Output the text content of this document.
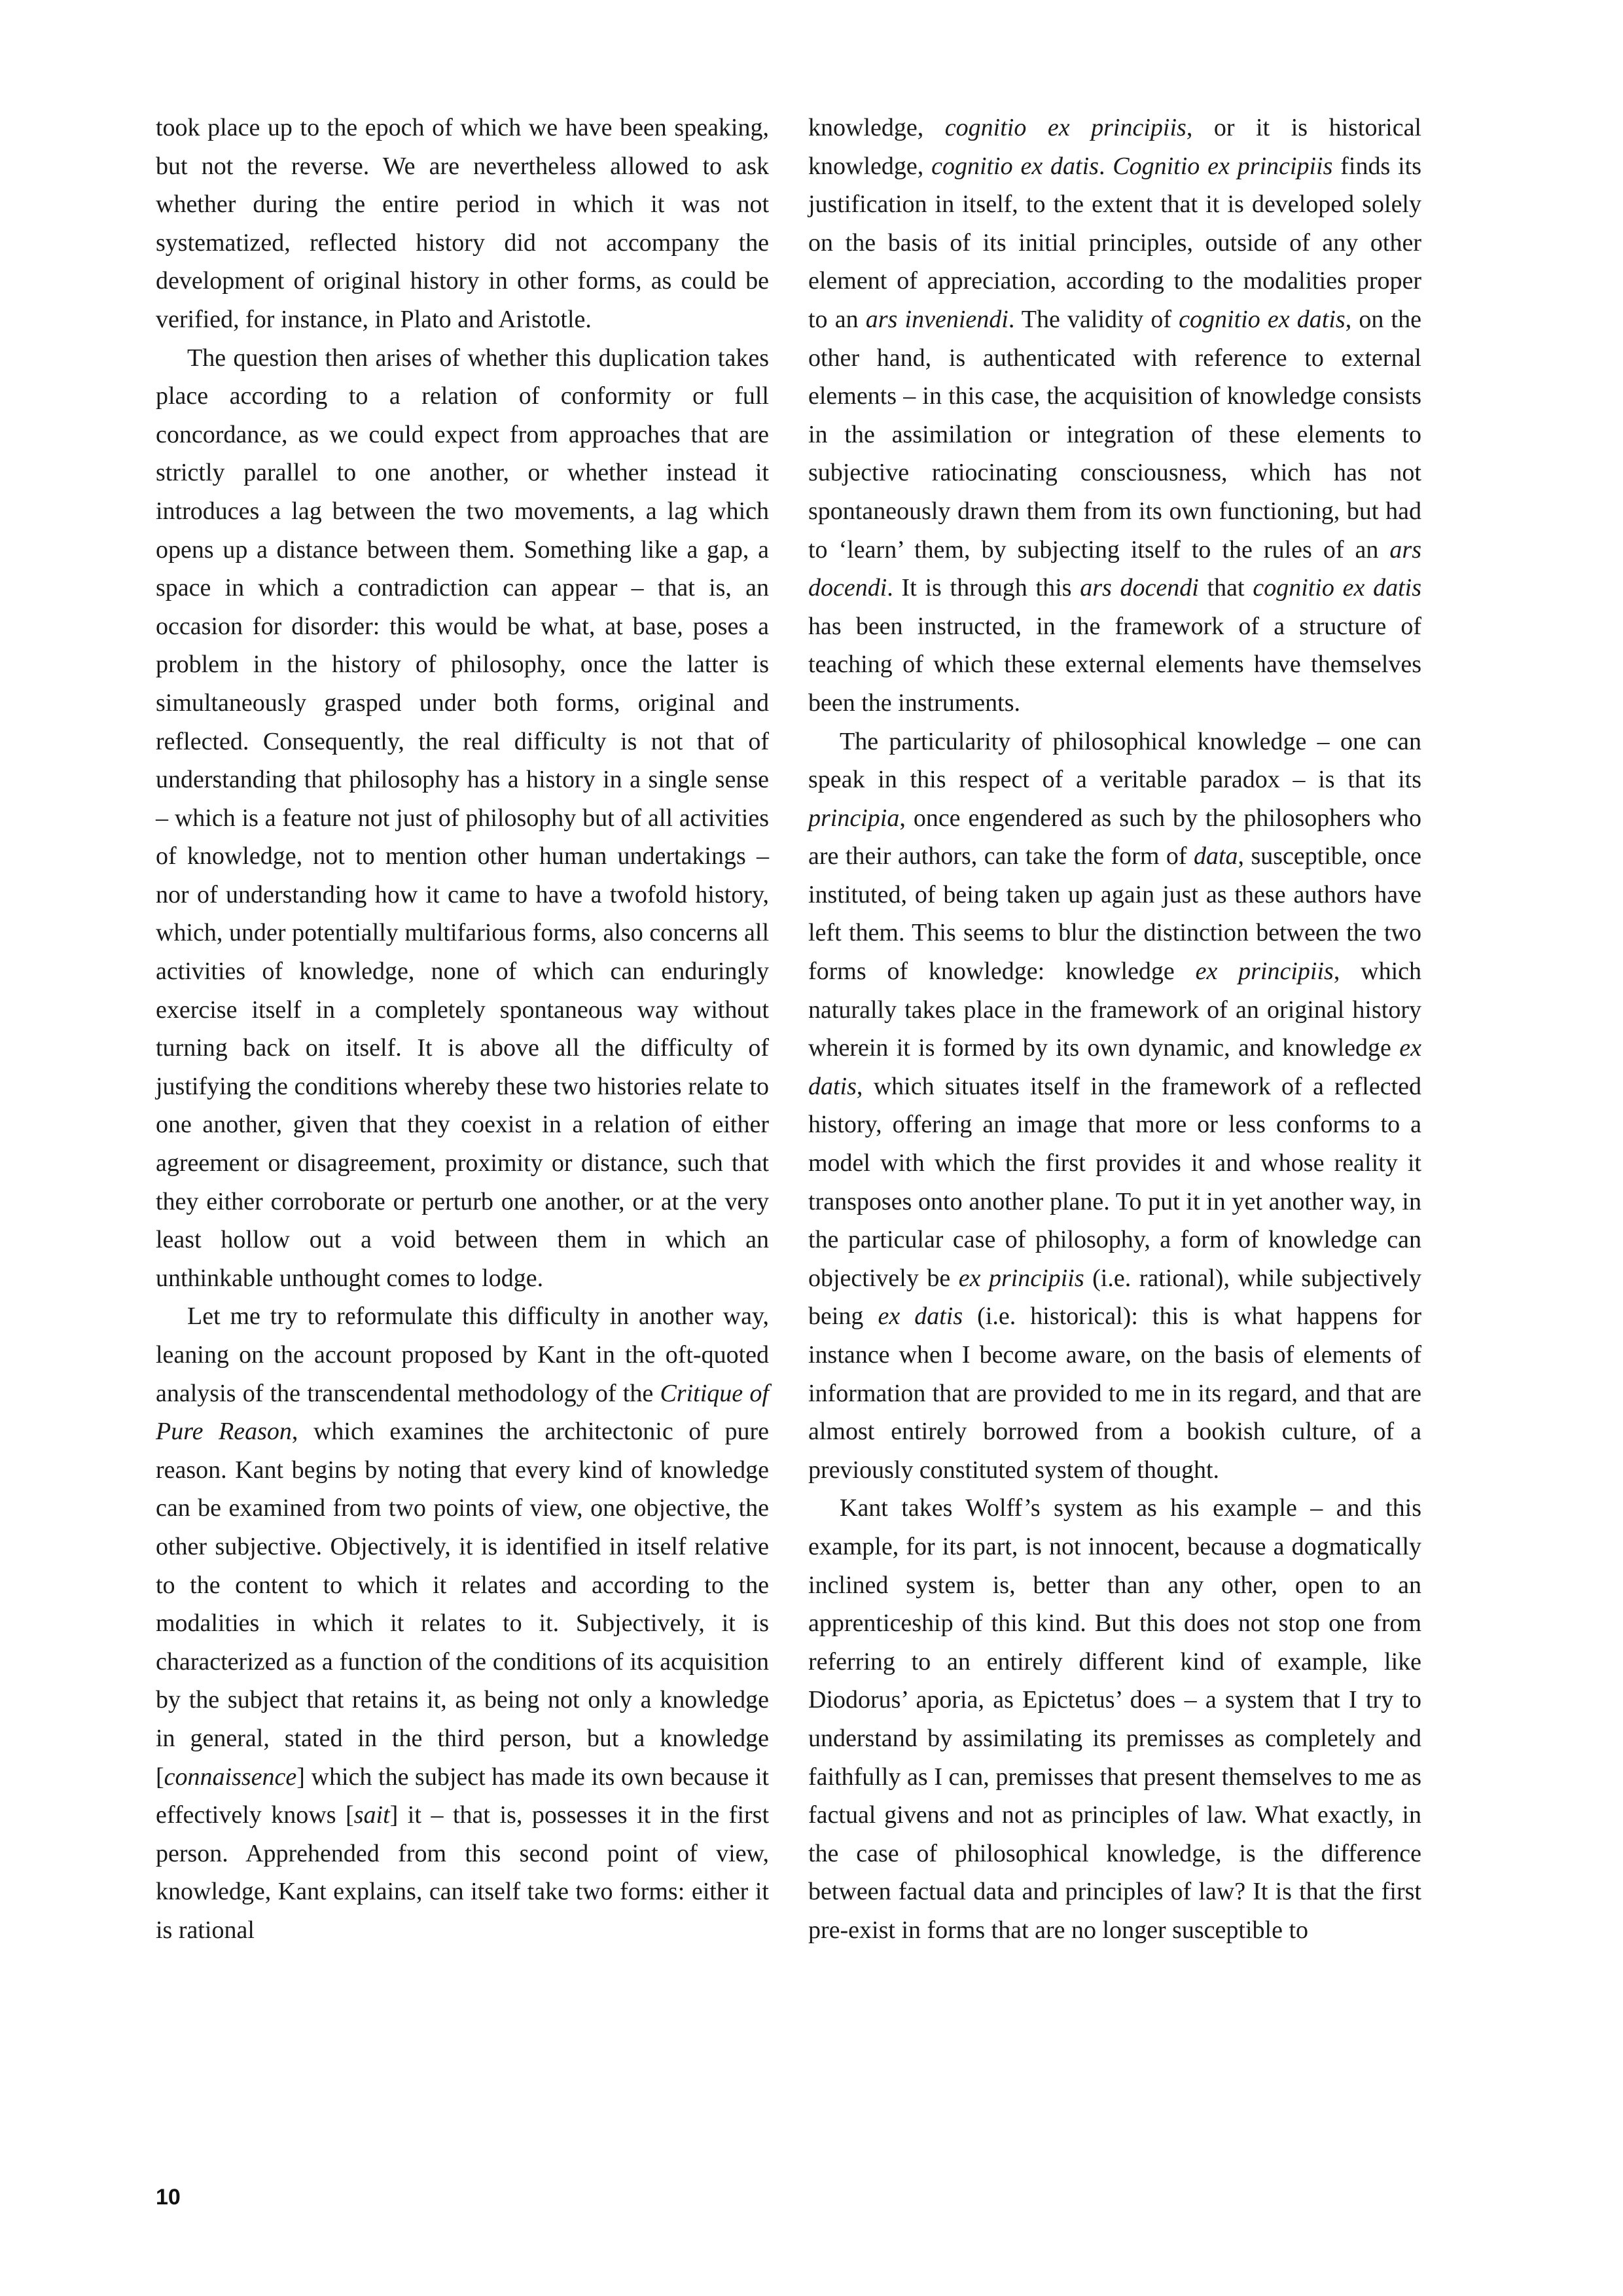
took place up to the epoch of which we have been speaking, but not the reverse. We are nevertheless allowed to ask whether during the entire period in which it was not systematized, reflected history did not accompany the development of original history in other forms, as could be verified, for instance, in Plato and Aristotle.

The question then arises of whether this duplication takes place according to a relation of conformity or full concordance, as we could expect from approaches that are strictly parallel to one another, or whether instead it introduces a lag between the two movements, a lag which opens up a distance between them. Something like a gap, a space in which a contradiction can appear – that is, an occasion for disorder: this would be what, at base, poses a problem in the history of philosophy, once the latter is simultaneously grasped under both forms, original and reflected. Consequently, the real difficulty is not that of understanding that philosophy has a history in a single sense – which is a feature not just of philosophy but of all activities of knowledge, not to mention other human undertakings – nor of understanding how it came to have a twofold history, which, under potentially multifarious forms, also concerns all activities of knowledge, none of which can enduringly exercise itself in a completely spontaneous way without turning back on itself. It is above all the difficulty of justifying the conditions whereby these two histories relate to one another, given that they coexist in a relation of either agreement or disagreement, proximity or distance, such that they either corroborate or perturb one another, or at the very least hollow out a void between them in which an unthinkable unthought comes to lodge.

Let me try to reformulate this difficulty in another way, leaning on the account proposed by Kant in the oft-quoted analysis of the transcendental methodology of the Critique of Pure Reason, which examines the architectonic of pure reason. Kant begins by noting that every kind of knowledge can be examined from two points of view, one objective, the other subjective. Objectively, it is identified in itself relative to the content to which it relates and according to the modalities in which it relates to it. Subjectively, it is characterized as a function of the conditions of its acquisition by the subject that retains it, as being not only a knowledge in general, stated in the third person, but a knowledge [connaissence] which the subject has made its own because it effectively knows [sait] it – that is, possesses it in the first person. Apprehended from this second point of view, knowledge, Kant explains, can itself take two forms: either it is rational

knowledge, cognitio ex principiis, or it is historical knowledge, cognitio ex datis. Cognitio ex principiis finds its justification in itself, to the extent that it is developed solely on the basis of its initial principles, outside of any other element of appreciation, according to the modalities proper to an ars inveniendi. The validity of cognitio ex datis, on the other hand, is authenticated with reference to external elements – in this case, the acquisition of knowledge consists in the assimilation or integration of these elements to subjective ratiocinating consciousness, which has not spontaneously drawn them from its own functioning, but had to ‘learn’ them, by subjecting itself to the rules of an ars docendi. It is through this ars docendi that cognitio ex datis has been instructed, in the framework of a structure of teaching of which these external elements have themselves been the instruments.

The particularity of philosophical knowledge – one can speak in this respect of a veritable paradox – is that its principia, once engendered as such by the philosophers who are their authors, can take the form of data, susceptible, once instituted, of being taken up again just as these authors have left them. This seems to blur the distinction between the two forms of knowledge: knowledge ex principiis, which naturally takes place in the framework of an original history wherein it is formed by its own dynamic, and knowledge ex datis, which situates itself in the framework of a reflected history, offering an image that more or less conforms to a model with which the first provides it and whose reality it transposes onto another plane. To put it in yet another way, in the particular case of philosophy, a form of knowledge can objectively be ex principiis (i.e. rational), while subjectively being ex datis (i.e. historical): this is what happens for instance when I become aware, on the basis of elements of information that are provided to me in its regard, and that are almost entirely borrowed from a bookish culture, of a previously constituted system of thought.

Kant takes Wolff’s system as his example – and this example, for its part, is not innocent, because a dogmatically inclined system is, better than any other, open to an apprenticeship of this kind. But this does not stop one from referring to an entirely different kind of example, like Diodorus’ aporia, as Epictetus’ does – a system that I try to understand by assimilating its premisses as completely and faithfully as I can, premisses that present themselves to me as factual givens and not as principles of law. What exactly, in the case of philosophical knowledge, is the difference between factual data and principles of law? It is that the first pre-exist in forms that are no longer susceptible to

10
